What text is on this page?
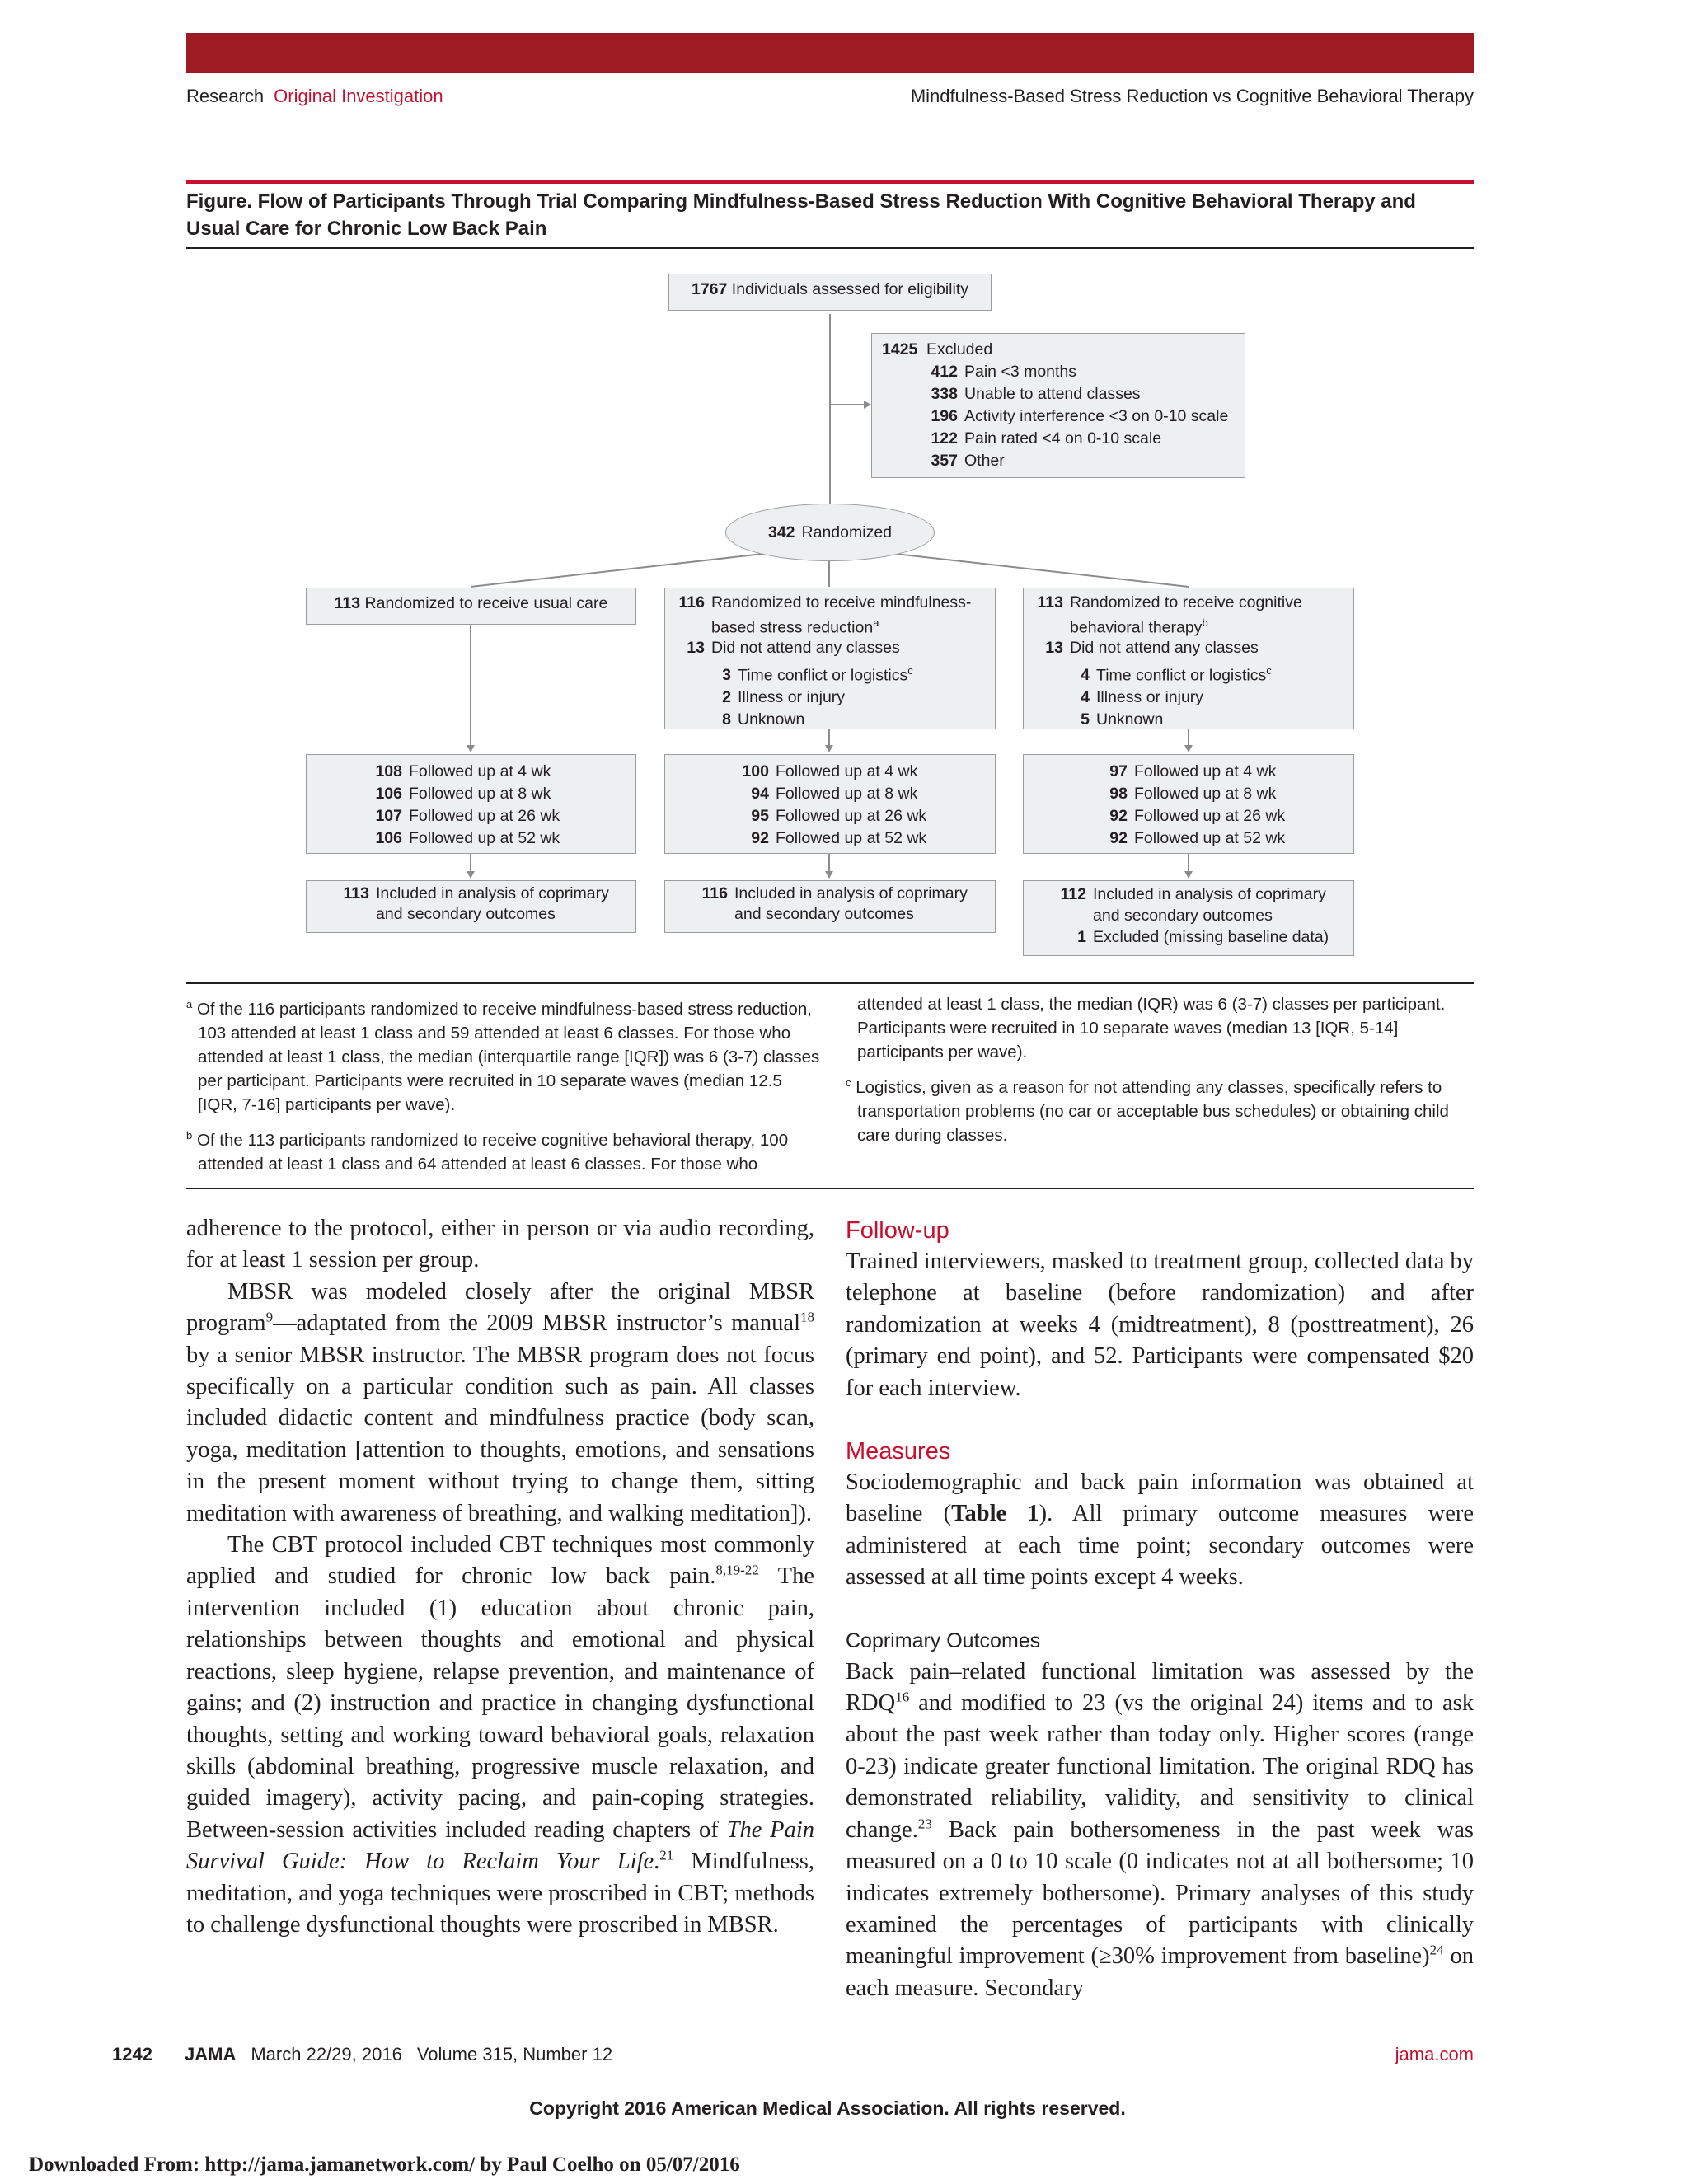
Research Original Investigation	Mindfulness-Based Stress Reduction vs Cognitive Behavioral Therapy
Figure. Flow of Participants Through Trial Comparing Mindfulness-Based Stress Reduction With Cognitive Behavioral Therapy and Usual Care for Chronic Low Back Pain
1767 Individuals assessed for eligibility
1425 Excluded
412 Pain <3 months
338 Unable to attend classes
196 Activity interference <3 on 0-10 scale
122 Pain rated <4 on 0-10 scale
357 Other
342 Randomized
113 Randomized to receive usual care	116 Randomized to receive mindfulness-
based stress reduction$^a$
13 Did not attend any classes
3 Time conflict or logistics$^c$
2 Illness or injury
8 Unknown
113 Randomized to receive cognitive
behavioral therapy$^b$
13 Did not attend any classes
4 Time conflict or logistics$^c$
4 Illness or injury
5 Unknown
108 Followed up at 4 wk
106 Followed up at 8 wk
107 Followed up at 26 wk
106 Followed up at 52 wk
100 Followed up at 4 wk
94 Followed up at 8 wk
95 Followed up at 26 wk
92 Followed up at 52 wk
97 Followed up at 4 wk
98 Followed up at 8 wk
92 Followed up at 26 wk
92 Followed up at 52 wk
113 Included in analysis of coprimary
and secondary outcomes
116 Included in analysis of coprimary
and secondary outcomes
112 Included in analysis of coprimary
and secondary outcomes
1 Excluded (missing baseline data)

$^a$ Of the 116 participants randomized to receive mindfulness-based stress reduction, 103 attended at least 1 class and 59 attended at least 6 classes. For those who attended at least 1 class, the median (interquartile range [IQR]) was 6 (3-7) classes per participant. Participants were recruited in 10 separate waves (median 12.5 [IQR, 7-16] participants per wave).

$^b$ Of the 113 participants randomized to receive cognitive behavioral therapy, 100 attended at least 1 class and 64 attended at least 6 classes. For those who

attended at least 1 class, the median (IQR) was 6 (3-7) classes per participant. Participants were recruited in 10 separate waves (median 13 [IQR, 5-14] participants per wave).

$^c$ Logistics, given as a reason for not attending any classes, specifically refers to transportation problems (no car or acceptable bus schedules) or obtaining child care during classes.

adherence to the protocol, either in person or via audio recording, for at least 1 session per group.

MBSR was modeled closely after the original MBSR program$^9$—adaptated from the 2009 MBSR instructor’s manual$^{18}$ by a senior MBSR instructor. The MBSR program does not focus specifically on a particular condition such as pain. All classes included didactic content and mindfulness practice (body scan, yoga, meditation [attention to thoughts, emotions, and sensations in the present moment without trying to change them, sitting meditation with awareness of breathing, and walking meditation]).

The CBT protocol included CBT techniques most commonly applied and studied for chronic low back pain.$^{8,19-22}$ The intervention included (1) education about chronic pain, relationships between thoughts and emotional and physical reactions, sleep hygiene, relapse prevention, and maintenance of gains; and (2) instruction and practice in changing dysfunctional thoughts, setting and working toward behavioral goals, relaxation skills (abdominal breathing, progressive muscle relaxation, and guided imagery), activity pacing, and pain-coping strategies. Between-session activities included reading chapters of The Pain Survival Guide: How to Reclaim Your Life.$^{21}$ Mindfulness, meditation, and yoga techniques were proscribed in CBT; methods to challenge dysfunctional thoughts were proscribed in MBSR.

Follow-up

Trained interviewers, masked to treatment group, collected data by telephone at baseline (before randomization) and after randomization at weeks 4 (midtreatment), 8 (posttreatment), 26 (primary end point), and 52. Participants were compensated $20 for each interview.

Measures

Sociodemographic and back pain information was obtained at baseline (Table 1). All primary outcome measures were administered at each time point; secondary outcomes were assessed at all time points except 4 weeks.

Coprimary Outcomes

Back pain–related functional limitation was assessed by the RDQ$^{16}$ and modified to 23 (vs the original 24) items and to ask about the past week rather than today only. Higher scores (range 0-23) indicate greater functional limitation. The original RDQ has demonstrated reliability, validity, and sensitivity to clinical change.$^{23}$ Back pain bothersomeness in the past week was measured on a 0 to 10 scale (0 indicates not at all bothersome; 10 indicates extremely bothersome). Primary analyses of this study examined the percentages of participants with clinically meaningful improvement (≥30% improvement from baseline)$^{24}$ on each measure. Secondary

1242 JAMA March 22/29, 2016 Volume 315, Number 12	jama.com
Copyright 2016 American Medical Association. All rights reserved.
Downloaded From: http://jama.jamanetwork.com/ by Paul Coelho on 05/07/2016
